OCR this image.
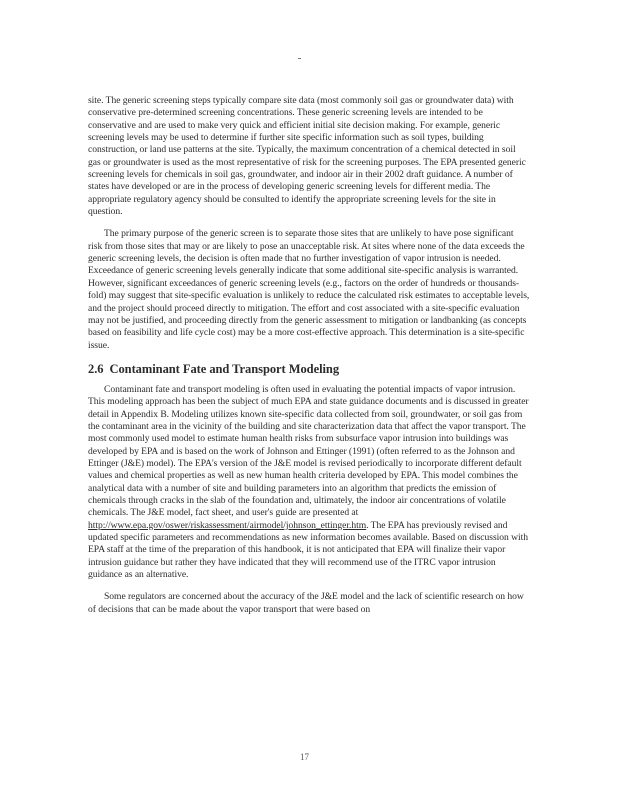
site. The generic screening steps typically compare site data (most commonly soil gas or groundwater data) with conservative pre-determined screening concentrations. These generic screening levels are intended to be conservative and are used to make very quick and efficient initial site decision making. For example, generic screening levels may be used to determine if further site specific information such as soil types, building construction, or land use patterns at the site. Typically, the maximum concentration of a chemical detected in soil gas or groundwater is used as the most representative of risk for the screening purposes. The EPA presented generic screening levels for chemicals in soil gas, groundwater, and indoor air in their 2002 draft guidance. A number of states have developed or are in the process of developing generic screening levels for different media. The appropriate regulatory agency should be consulted to identify the appropriate screening levels for the site in question.

The primary purpose of the generic screen is to separate those sites that are unlikely to have pose significant risk from those sites that may or are likely to pose an unacceptable risk. At sites where none of the data exceeds the generic screening levels, the decision is often made that no further investigation of vapor intrusion is needed. Exceedance of generic screening levels generally indicate that some additional site-specific analysis is warranted. However, significant exceedances of generic screening levels (e.g., factors on the order of hundreds or thousands-fold) may suggest that site-specific evaluation is unlikely to reduce the calculated risk estimates to acceptable levels, and the project should proceed directly to mitigation. The effort and cost associated with a site-specific evaluation may not be justified, and proceeding directly from the generic assessment to mitigation or landbanking (as concepts based on feasibility and life cycle cost) may be a more cost-effective approach. This determination is a site-specific issue.

2.6 Contaminant Fate and Transport Modeling

Contaminant fate and transport modeling is often used in evaluating the potential impacts of vapor intrusion. This modeling approach has been the subject of much EPA and state guidance documents and is discussed in greater detail in Appendix B. Modeling utilizes known site-specific data collected from soil, groundwater, or soil gas from the contaminant area in the vicinity of the building and site characterization data that affect the vapor transport. The most commonly used model to estimate human health risks from subsurface vapor intrusion into buildings was developed by EPA and is based on the work of Johnson and Ettinger (1991) (often referred to as the Johnson and Ettinger (J&E) model). The EPA's version of the J&E model is revised periodically to incorporate different default values and chemical properties as well as new human health criteria developed by EPA. This model combines the analytical data with a number of site and building parameters into an algorithm that predicts the emission of chemicals through cracks in the slab of the foundation and, ultimately, the indoor air concentrations of volatile chemicals. The J&E model, fact sheet, and user's guide are presented at http://www.epa.gov/oswer/riskassessment/airmodel/johnson_ettinger.htm. The EPA has previously revised and updated specific parameters and recommendations as new information becomes available. Based on discussion with EPA staff at the time of the preparation of this handbook, it is not anticipated that EPA will finalize their vapor intrusion guidance but rather they have indicated that they will recommend use of the ITRC vapor intrusion guidance as an alternative.

Some regulators are concerned about the accuracy of the J&E model and the lack of scientific research on how of decisions that can be made about the vapor transport that were based on

17
